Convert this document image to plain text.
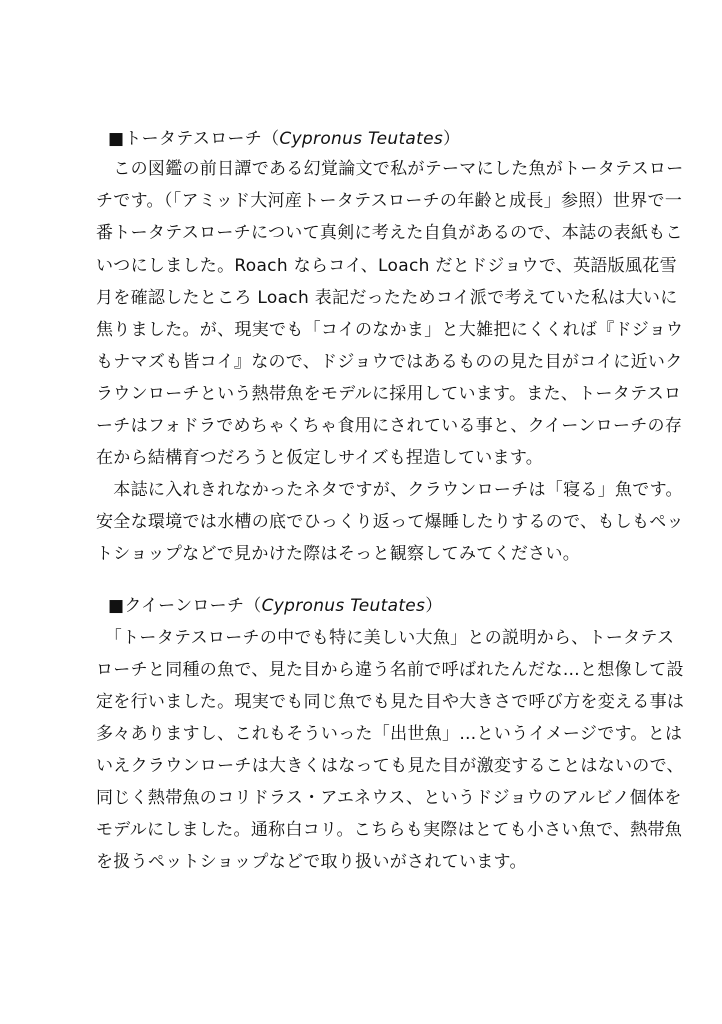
■トータテスローチ（Cypronus Teutates）
　この図鑑の前日譚である幻覚論文で私がテーマにした魚がトータテスロー
チです。（「アミッド大河産トータテスローチの年齢と成長」参照）世界で一
番トータテスローチについて真剣に考えた自負があるので、本誌の表紙もこ
いつにしました。Roach ならコイ、Loach だとドジョウで、英語版風花雪
月を確認したところ Loach 表記だったためコイ派で考えていた私は大いに
焦りました。が、現実でも「コイのなかま」と大雑把にくくれば『ドジョウ
もナマズも皆コイ』なので、ドジョウではあるものの見た目がコイに近いク
ラウンローチという熱帯魚をモデルに採用しています。また、トータテスロ
ーチはフォドラでめちゃくちゃ食用にされている事と、クイーンローチの存
在から結構育つだろうと仮定しサイズも捏造しています。
　本誌に入れきれなかったネタですが、クラウンローチは「寝る」魚です。
安全な環境では水槽の底でひっくり返って爆睡したりするので、もしもペッ
トショップなどで見かけた際はそっと観察してみてください。
■クイーンローチ（Cypronus Teutates）
　「トータテスローチの中でも特に美しい大魚」との説明から、トータテス
ローチと同種の魚で、見た目から違う名前で呼ばれたんだな…と想像して設
定を行いました。現実でも同じ魚でも見た目や大きさで呼び方を変える事は
多々ありますし、これもそういった「出世魚」…というイメージです。とは
いえクラウンローチは大きくはなっても見た目が激変することはないので、
同じく熱帯魚のコリドラス・アエネウス、というドジョウのアルビノ個体を
モデルにしました。通称白コリ。こちらも実際はとても小さい魚で、熱帯魚
を扱うペットショップなどで取り扱いがされています。
